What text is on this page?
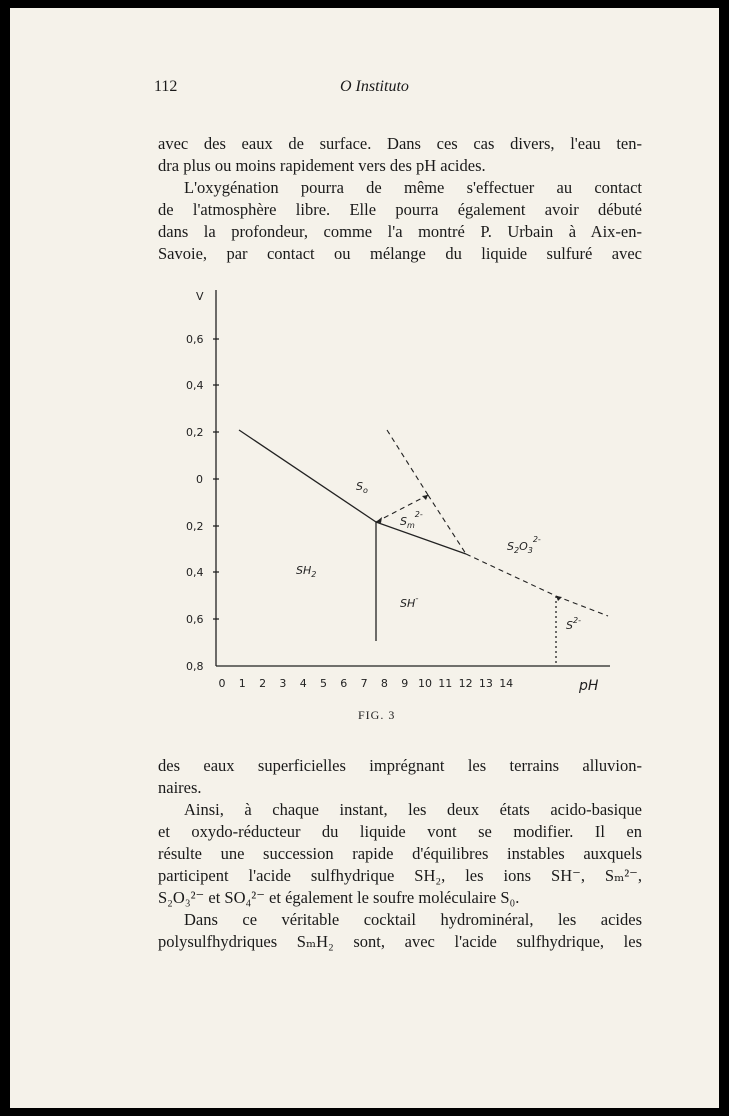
112	O Instituto
avec des eaux de surface. Dans ces cas divers, l'eau ten-
dra plus ou moins rapidement vers des pH acides.
L'oxygénation pourra de même s'effectuer au contact
de l'atmosphère libre. Elle pourra également avoir débuté
dans la profondeur, comme l'a montré P. Urbain à Aix-en-
Savoie, par contact ou mélange du liquide sulfuré avec
V
pH
0,6
0,4
0,2
0
0,2
0,4
0,6
0,8
0 1 2 3 4 5 6 7 8 9 10 11 12 13 14
$S_o$
$S_m^{2-}$
$SH_2$
SH-
$S_2O_3^{2-}$
$S^{2-}$
FIG. 3
des eaux superficielles imprégnant les terrains alluvion-
naires.
Ainsi, à chaque instant, les deux états acido-basique
et oxydo-réducteur du liquide vont se modifier. Il en
résulte une succession rapide d'équilibres instables auxquels
participent l'acide sulfhydrique SH₂, les ions SH⁻, Sₘ²⁻,
S₂O₃²⁻ et SO₄²⁻ et également le soufre moléculaire S₀.
Dans ce véritable cocktail hydrominéral, les acides
polysulfhydriques SₘH₂ sont, avec l'acide sulfhydrique, les
